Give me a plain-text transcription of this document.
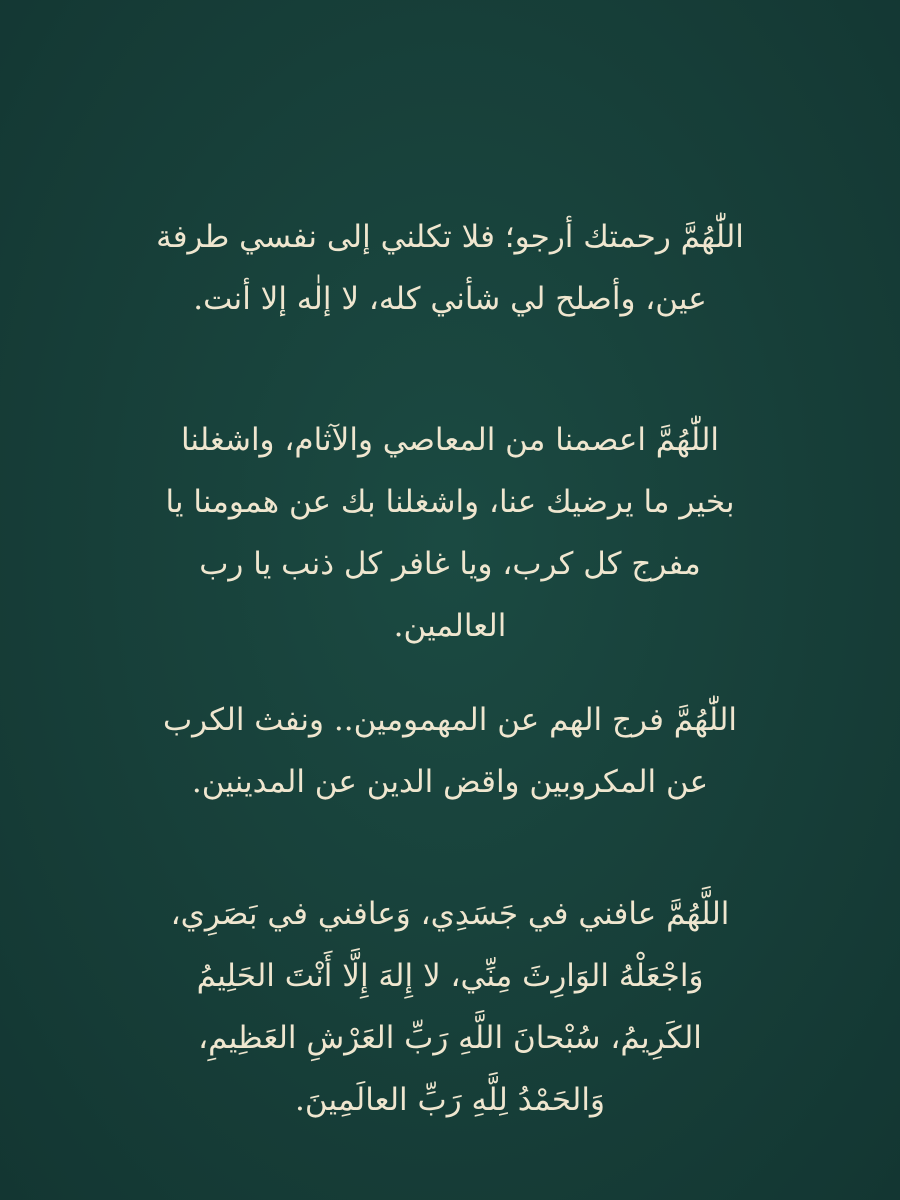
اللّٰهُمَّ رحمتك أرجو؛ فلا تكلني إلى نفسي طرفة عين، وأصلح لي شأني كله، لا إلٰه إلا أنت.

اللّٰهُمَّ اعصمنا من المعاصي والآثام، واشغلنا بخير ما يرضيك عنا، واشغلنا بك عن همومنا يا مفرج كل كرب، ويا غافر كل ذنب يا رب العالمين.

اللّٰهُمَّ فرج الهم عن المهمومين.. ونفث الكرب عن المكروبين واقض الدين عن المدينين.

اللَّهُمَّ عافني في جَسَدِي، وَعافني في بَصَرِي، وَاجْعَلْهُ الوَارِثَ مِنِّي، لا إِلهَ إِلَّا أَنْتَ الحَلِيمُ الكَرِيمُ، سُبْحانَ اللَّهِ رَبِّ العَرْشِ العَظِيمِ، وَالحَمْدُ لِلَّهِ رَبِّ العالَمِينَ.
